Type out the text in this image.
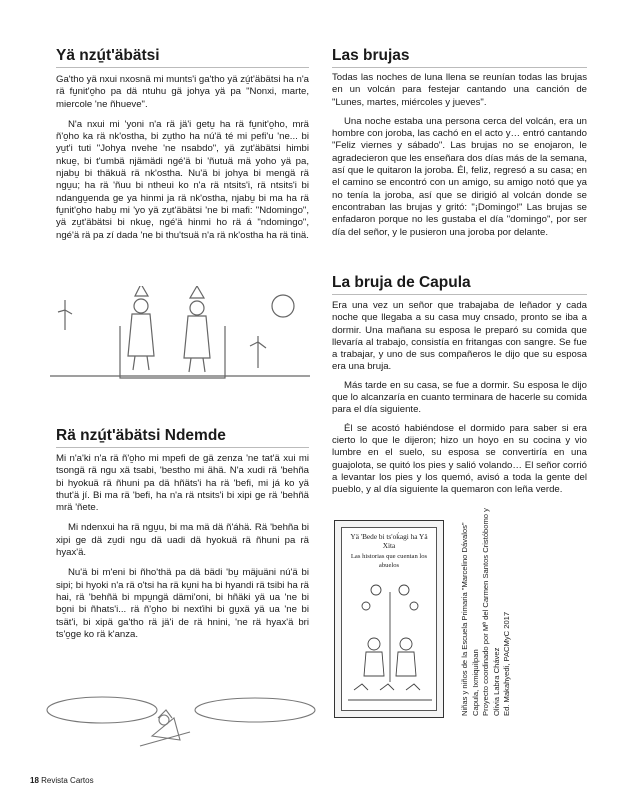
Yä nzú̱t'äbätsi

Ga'tho yä nxui nxosnä mi munts'i ga'tho yä zú̱t'äbätsi ha n'a rä fu̱nit'o̱ho pa dä ntuhu gä johya yä pa "Nonxi, marte, miercole 'ne ñhueve".

N'a nxui mi 'yoni n'a rä jä'i getu̱ ha rä fu̱nit'o̱ho, mrä ñ'o̱ho ka rä nk'ostha, bi zu̱tho ha nú'ä té mi pefi'u 'ne... bi yu̱t'i tuti "Johya nvehe 'ne nsabdo", yä zu̱t'äbätsi himbi nkue̱, bi t'umbä njämädi ngé'ä bi 'ñutuä mä yoho yä pa, njabu̱ bi thäkuä rä nk'ostha. Nu'ä bi johya bi mengä rä ngu̱u; ha rä 'ñuu bi ntheui ko n'a rä ntsits'i, rä ntsits'i bi ndangu̱enda ge ya hinmi ja rä nk'ostha, njabu̱ bi ma ha rä fu̱nit'o̱ho habu̱ mi 'yo yä zu̱t'äbätsi 'ne bi mafi: "Ndomingo", yä zu̱t'äbätsi bi nkue̱, ngé'ä hinmi ho rä á "ndomingo", ngé'ä rä pa zí dada 'ne bi thu'tsuä n'a rä nk'ostha ha rä tinä.

Rä nzú̱t'äbätsi Ndemde

Mi n'a'ki n'a rä ñ'o̱ho mi mpefi de gä zenza 'ne tat'ä xui mi tsongä rä ngu xä tsabi, 'bestho mi ähä. N'a xudi rä 'behña bi hyokuä rä ñhuni pa dä hñäts'i ha rä 'befi, mi já ko yä thut'ä jí. Bi ma rä 'befi, ha n'a rä ntsits'i bi xipi ge rä 'behñä mrä 'ñete.

Mi ndenxui ha rä ngu̱u, bi ma mä dä ñ'áhä. Rä 'behña bi xipi ge dä zu̱di ngu dä uadi dä hyokuä rä ñhuni pa rä hyax'ä.

Nu'ä bi m'eni bi ñho'thä pa dä bädi 'bu̱ mäjuäni nú'ä bi sipi; bi hyoki n'a rä o'tsi ha rä ku̱ni ha bi hyandi rä tsibi ha rä hai, rä 'behñä bi mpu̱ngä dämi'oni, bi hñäki yä ua 'ne bi bo̱ni bi ñhats'i... rä ñ'o̱ho bi nexťihi bi gu̱xä yä ua 'ne bi tsät'i, bi xipä ga'tho rä jä'i de rä hnini, 'ne rä hyax'ä bri ts'o̱ge ko rä k'anza.

Las brujas

Todas las noches de luna llena se reunían todas las brujas en un volcán para festejar cantando una canción de "Lunes, martes, miércoles y jueves".

Una noche estaba una persona cerca del volcán, era un hombre con joroba, las cachó en el acto y… entró cantando "Feliz viernes y sábado". Las brujas no se enojaron, le agradecieron que les enseñara dos días más de la semana, así que le quitaron la joroba. Él, feliz, regresó a su casa; en el camino se encontró con un amigo, su amigo notó que ya no tenía la joroba, así que se dirigió al volcán donde se encontraban las brujas y gritó: "¡Domingo!" Las brujas se enfadaron porque no les gustaba el día "domingo", por ser día del señor, y le pusieron una joroba por delante.

La bruja de Capula

Era una vez un señor que trabajaba de leñador y cada noche que llegaba a su casa muy cnsado, pronto se iba a dormir. Una mañana su esposa le preparó su comida que llevaría al trabajo, consistía en fritangas con sangre. Se fue a trabajar, y uno de sus compañeros le dijo que su esposa era una bruja.

Más tarde en su casa, se fue a dormir. Su esposa le dijo que lo alcanzaría en cuanto terminara de hacerle su comida para el día siguiente.

Él se acostó habiéndose el dormido para saber si era cierto lo que le dijeron; hizo un hoyo en su cocina y vio lumbre en el suelo, su esposa se convertiría en una guajolota, se quitó los pies y salió volando… El señor corrió a levantar los pies y los quemó, avisó a toda la gente del pueblo, y al día siguiente la quemaron con leña verde.

Yä 'Bede bi ts'oḱagi ha Yä Xita
Las historias que cuentan los abuelos	Niñas y niños de la Escuela Primaria "Marcelino Dávalos" Capula, Ixmiquilpan Proyecto coordinado por Mª del Carmen Santos Cristóbomo y Olivia Labra Chávez Ed. Makahyedi, PACMyC 2017
18 Revista Cartos
